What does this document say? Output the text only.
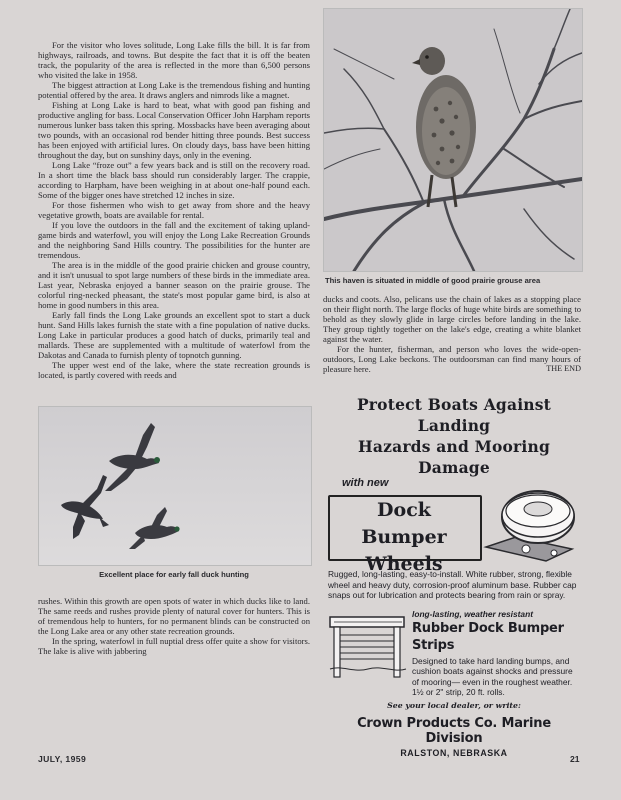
For the visitor who loves solitude, Long Lake fills the bill. It is far from highways, railroads, and towns. But despite the fact that it is off the beaten track, the popularity of the area is reflected in the more than 6,500 persons who visited the lake in 1958.

The biggest attraction at Long Lake is the tremendous fishing and hunting potential offered by the area. It draws anglers and nimrods like a magnet.

Fishing at Long Lake is hard to beat, what with good pan fishing and productive angling for bass. Local Conservation Officer John Harpham reports numerous lunker bass taken this spring. Mossbacks have been averaging about two pounds, with an occasional rod bender hitting three pounds. Best success has been enjoyed with artificial lures. On cloudy days, bass have been hitting throughout the day, but on sunshiny days, only in the evening.

Long Lake “froze out” a few years back and is still on the recovery road. In a short time the black bass should run considerably larger. The crappie, according to Harpham, have been weighing in at about one-half pound each. Some of the bigger ones have stretched 12 inches in size.

For those fishermen who wish to get away from shore and the heavy vegetative growth, boats are available for rental.

If you love the outdoors in the fall and the excitement of taking upland-game birds and waterfowl, you will enjoy the Long Lake Recreation Grounds and the neighboring Sand Hills country. The possibilities for the hunter are tremendous.

The area is in the middle of the good prairie chicken and grouse country, and it isn't unusual to spot large numbers of these birds in the immediate area. Last year, Nebraska enjoyed a banner season on the prairie grouse. The colorful ring-necked pheasant, the state's most popular game bird, is also at home in good numbers in this area.

Early fall finds the Long Lake grounds an excellent spot to start a duck hunt. Sand Hills lakes furnish the state with a fine population of native ducks. Long Lake in particular produces a good hatch of ducks, primarily teal and mallards. These are supplemented with a multitude of waterfowl from the Dakotas and Canada to furnish plenty of topnotch gunning.

The upper west end of the lake, where the state recreation grounds is located, is partly covered with reeds and

Excellent place for early fall duck hunting

rushes. Within this growth are open spots of water in which ducks like to land. The same reeds and rushes provide plenty of natural cover for hunters. This is of tremendous help to hunters, for no permanent blinds can be constructed on the Long Lake area or any other state recreation grounds.

In the spring, waterfowl in full nuptial dress offer quite a show for visitors. The lake is alive with jabbering

This haven is situated in middle of good prairie grouse area

ducks and coots. Also, pelicans use the chain of lakes as a stopping place on their flight north. The large flocks of huge white birds are something to behold as they slowly glide in large circles before landing in the lake. They group tightly together on the lake's edge, creating a white blanket against the water.

For the hunter, fisherman, and person who loves the wide-open-outdoors, Long Lake beckons. The outdoorsman can find many hours of pleasure here.	THE END

Protect Boats Against Landing
Hazards and Mooring Damage
with new
Dock Bumper
Wheels
Rugged, long-lasting, easy-to-install. White rubber, strong, flexible wheel and heavy duty, corrosion-proof aluminum base. Rubber cap snaps out for lubrication and protects bearing from rain or spray.
long-lasting, weather resistant
Rubber Dock Bumper Strips
Designed to take hard landing bumps, and cushion boats against shocks and pressure of mooring— even in the roughest weather. 1½ or 2" strip, 20 ft. rolls.
See your local dealer, or write:
Crown Products Co. Marine Division
RALSTON, NEBRASKA
JULY, 1959	21
